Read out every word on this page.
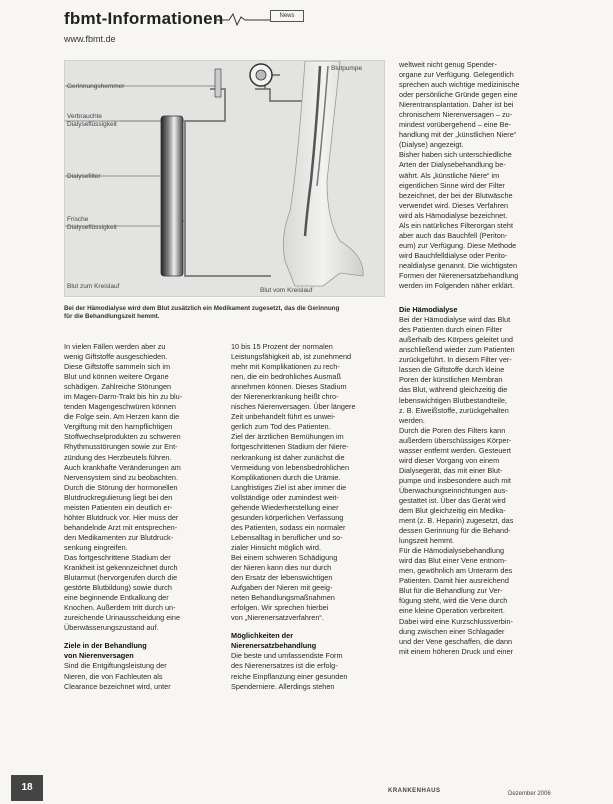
fbmt-Informationen
www.fbmt.de
News
Blutpumpe
Gerinnungshemmer
Verbrauchte
Dialyseflüssigkeit
Dialysefilter
Frische
Dialyseflüssigkeit
Blut zum Kreislauf
Blut vom Kreislauf
Bei der Hämodialyse wird dem Blut zusätzlich ein Medikament zugesetzt, das die Gerinnung
für die Behandlungszeit hemmt.

In vielen Fällen werden aber zu
wenig Giftstoffe ausgeschieden.
Diese Giftstoffe sammeln sich im
Blut und können weitere Organe
schädigen. Zahlreiche Störungen
im Magen-Darm-Trakt bis hin zu blu-
tenden Magengeschwüren können
die Folge sein. Am Herzen kann die
Vergiftung mit den harnpflichtigen
Stoffwechselprodukten zu schweren
Rhythmusstörungen sowie zur Ent-
zündung des Herzbeutels führen.
Auch krankhafte Veränderungen am
Nervensystem sind zu beobachten.
Durch die Störung der hormonellen
Blutdruckregulierung liegt bei den
meisten Patienten ein deutlich er-
höhter Blutdruck vor. Hier muss der
behandelnde Arzt mit entsprechen-
den Medikamenten zur Blutdruck-
senkung eingreifen.
Das fortgeschrittene Stadium der
Krankheit ist gekennzeichnet durch
Blutarmut (hervorgerufen durch die
gestörte Blutbildung) sowie durch
eine beginnende Entkalkung der
Knochen. Außerdem tritt durch un-
zureichende Urinausscheidung eine
Überwässerungszustand auf.

Ziele in der Behandlung
von Nierenversagen

Sind die Entgiftungsleistung der
Nieren, die von Fachleuten als
Clearance bezeichnet wird, unter

10 bis 15 Prozent der normalen
Leistungsfähigkeit ab, ist zunehmend
mehr mit Komplikationen zu rech-
nen, die ein bedrohliches Ausmaß
annehmen können. Dieses Stadium
der Nierenerkrankung heißt chro-
nisches Nierenversagen. Über längere
Zeit unbehandelt führt es unwei-
gerlich zum Tod des Patienten.
Ziel der ärztlichen Bemühungen im
fortgeschrittenen Stadium der Niere-
nerkrankung ist daher zunächst die
Vermeidung von lebensbedrohlichen
Komplikationen durch die Urämie.
Langfristiges Ziel ist aber immer die
vollständige oder zumindest weit-
gehende Wiederherstellung einer
gesunden körperlichen Verfassung
des Patienten, sodass ein normaler
Lebensalltag in beruflicher und so-
zialer Hinsicht möglich wird.
Bei einem schweren Schädigung
der Nieren kann dies nur durch
den Ersatz der lebenswichtigen
Aufgaben der Nieren mit geeig-
neten Behandlungsmaßnahmen
erfolgen. Wir sprechen hierbei
von „Nierenersatzverfahren“.

Möglichkeiten der
Nierenersatzbehandlung

Die beste und umfassendste Form
des Nierenersatzes ist die erfolg-
reiche Einpflanzung einer gesunden
Spenderniere. Allerdings stehen

weltweit nicht genug Spender-
organe zur Verfügung. Gelegentlich
sprechen auch wichtige medizinische
oder persönliche Gründe gegen eine
Nierentransplantation. Daher ist bei
chronischem Nierenversagen – zu-
mindest vorübergehend – eine Be-
handlung mit der „künstlichen Niere“
(Dialyse) angezeigt.
Bisher haben sich unterschiedliche
Arten der Dialysebehandlung be-
währt. Als „künstliche Niere“ im
eigentlichen Sinne wird der Filter
bezeichnet, der bei der Blutwäsche
verwendet wird. Dieses Verfahren
wird als Hämodialyse bezeichnet.
Als ein natürliches Filterorgan steht
aber auch das Bauchfell (Periton-
eum) zur Verfügung. Diese Methode
wird Bauchfelldialyse oder Perito-
nealdialyse genannt. Die wichtigsten
Formen der Nierenersatzbehandlung
werden im Folgenden näher erklärt.

Die Hämodialyse

Bei der Hämodialyse wird das Blut
des Patienten durch einen Filter
außerhalb des Körpers geleitet und
anschließend wieder zum Patienten
zurückgeführt. In diesem Filter ver-
lassen die Giftstoffe durch kleine
Poren der künstlichen Membran
das Blut, während gleichzeitig die
lebenswichtigen Blutbestandteile,
z. B. Eiweißstoffe, zurückgehalten
werden.
Durch die Poren des Filters kann
außerdem überschüssiges Körper-
wasser entfernt werden. Gesteuert
wird dieser Vorgang von einem
Dialysegerät, das mit einer Blut-
pumpe und insbesondere auch mit
Überwachungseinrichtungen aus-
gestattet ist. Über das Gerät wird
dem Blut gleichzeitig ein Medika-
ment (z. B. Heparin) zugesetzt, das
dessen Gerinnung für die Behand-
lungszeit hemmt.
Für die Hämodialysebehandlung
wird das Blut einer Vene entnom-
men, gewöhnlich am Unterarm des
Patienten. Damit hier ausreichend
Blut für die Behandlung zur Ver-
fügung steht, wird die Vene durch
eine kleine Operation verbreitert.
Dabei wird eine Kurzschlussverbin-
dung zwischen einer Schlagader
und der Vene geschaffen, die dann
mit einem höheren Druck und einer

18	KRANKENHAUS	Dezember 2006
